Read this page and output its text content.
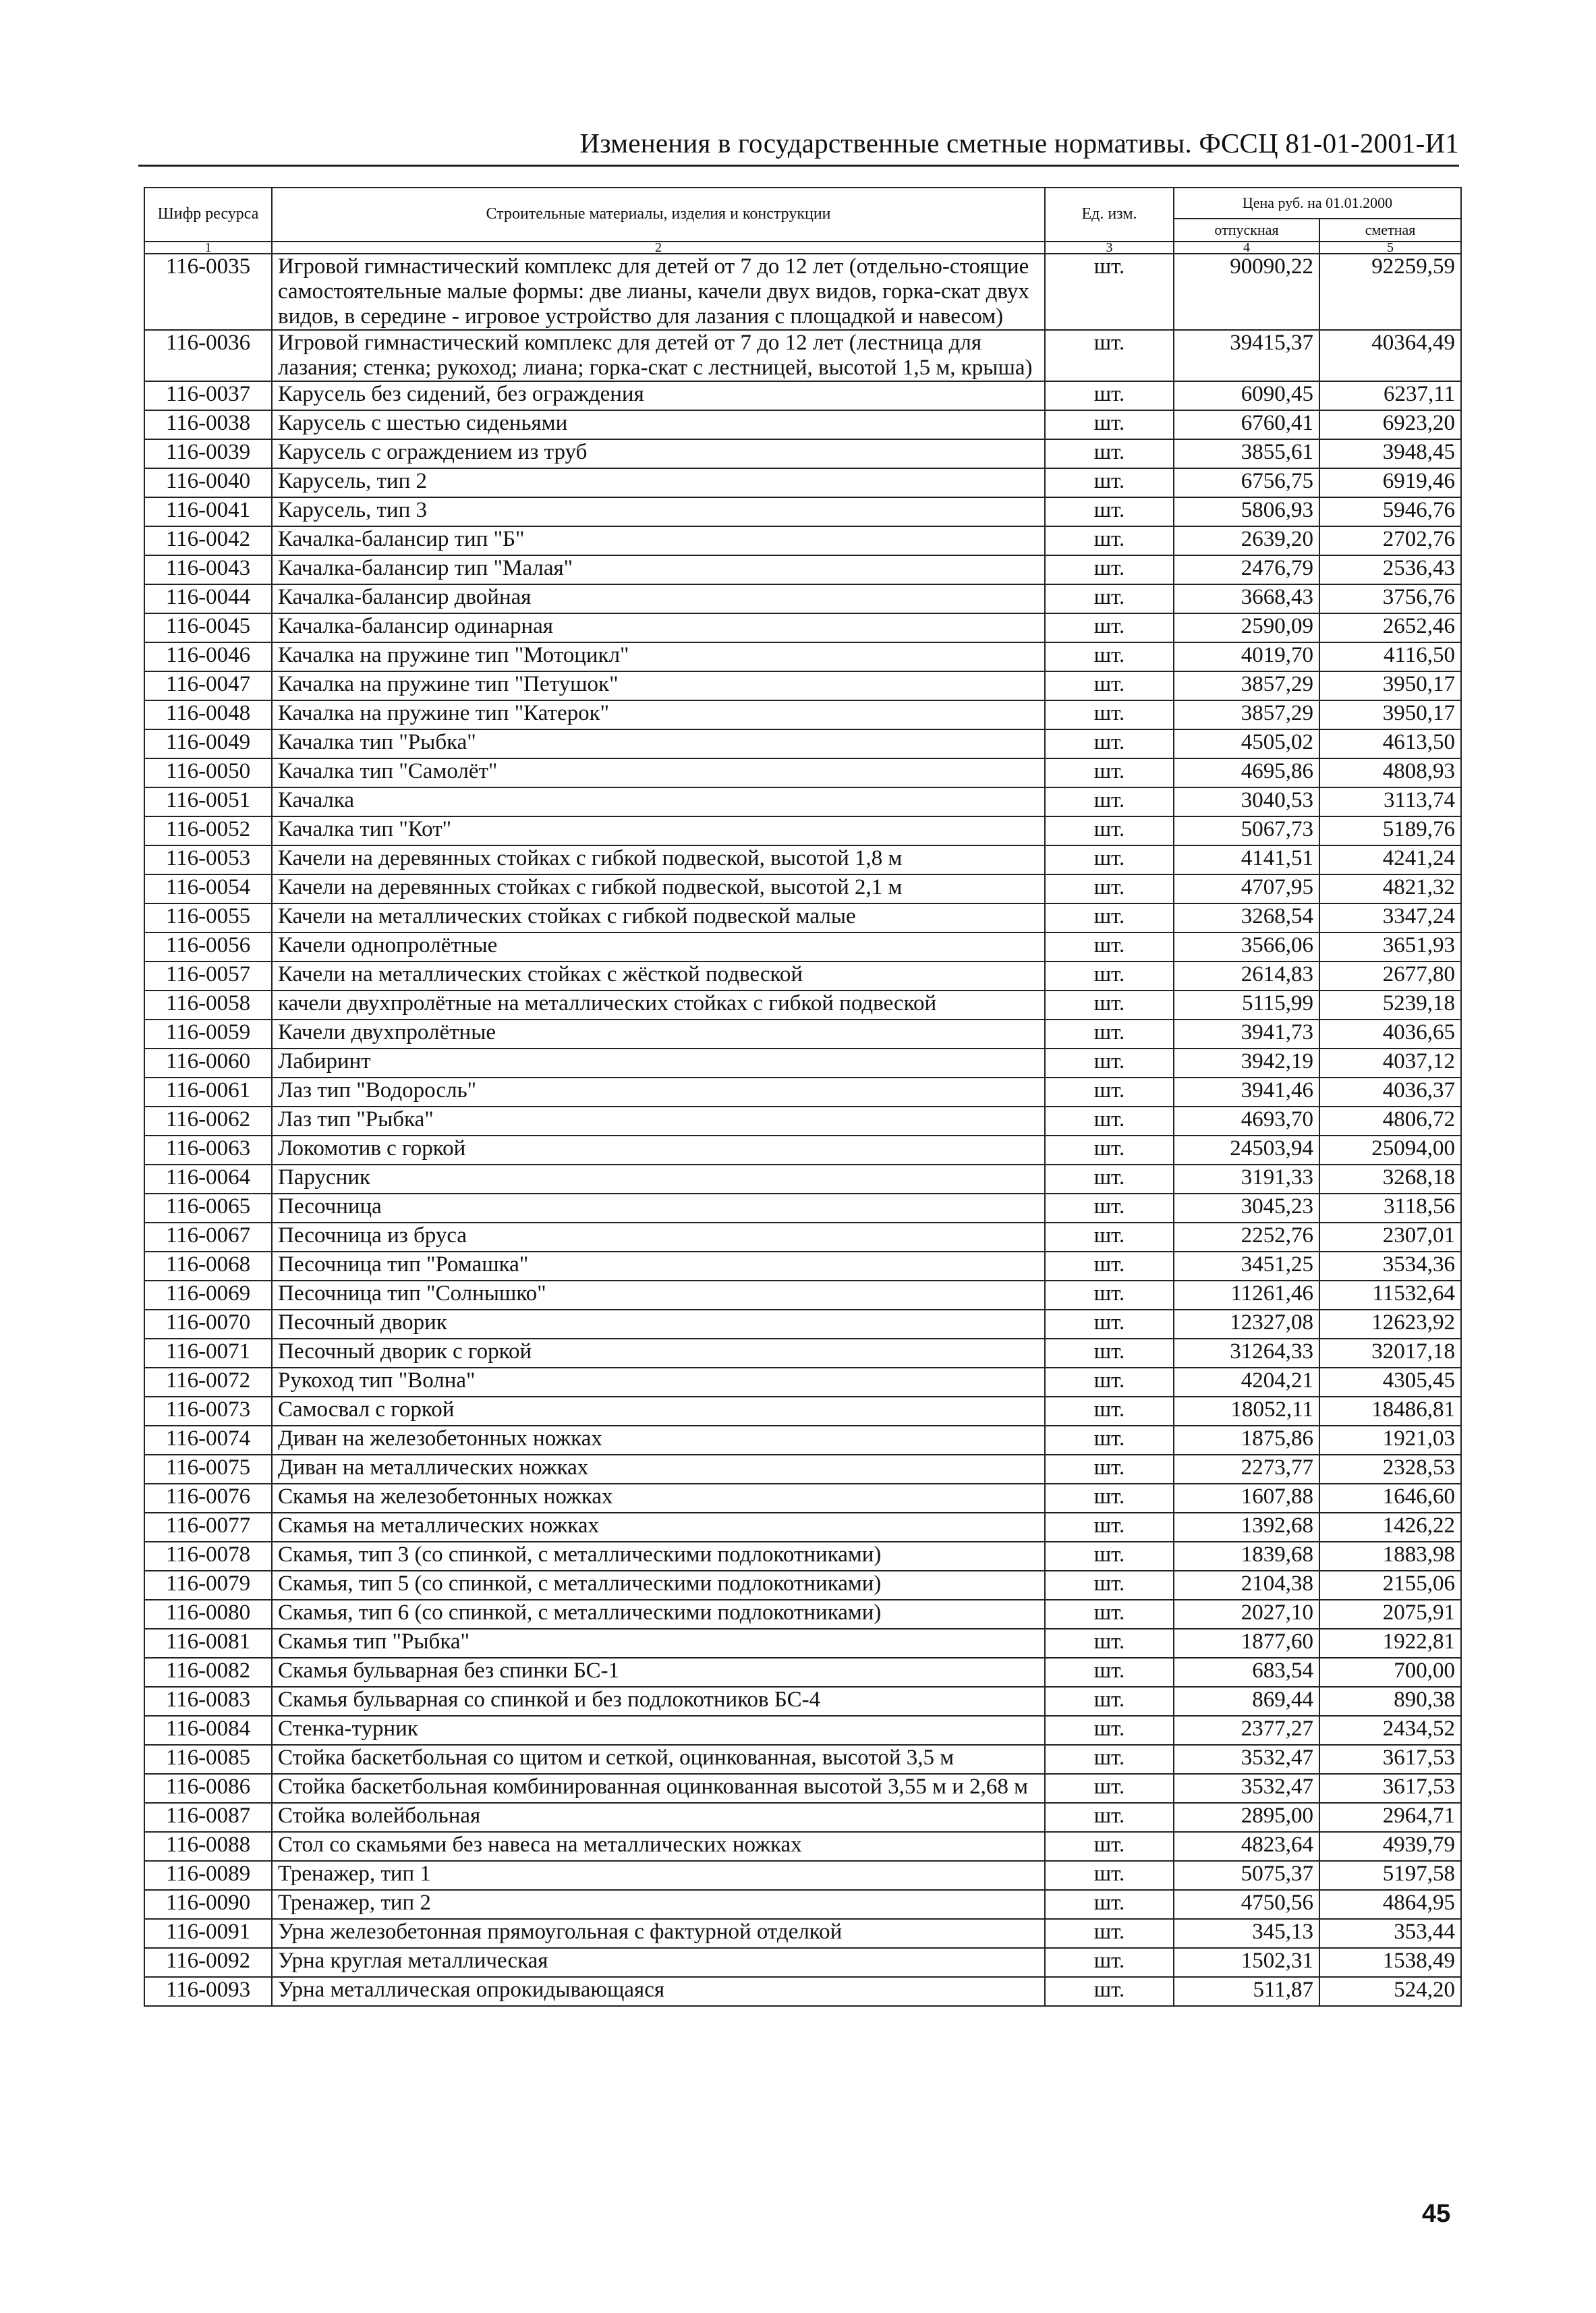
Изменения в государственные сметные нормативы. ФССЦ 81-01-2001-И1
Шифр ресурса	Строительные материалы, изделия и конструкции	Ед. изм.	Цена руб. на 01.01.2000	
			отпускная	сметная
1	2	3	4	5
116-0035	Игровой гимнастический комплекс для детей от 7 до 12 лет (отдельно-стоящие самостоятельные малые формы: две лианы, качели двух видов, горка-скат двух видов, в середине - игровое устройство для лазания с площадкой и навесом)	шт.	90090,22	92259,59
116-0036	Игровой гимнастический комплекс для детей от 7 до 12 лет (лестница для лазания; стенка; рукоход; лиана; горка-скат с лестницей, высотой 1,5 м, крыша)	шт.	39415,37	40364,49
116-0037	Карусель без сидений, без ограждения	шт.	6090,45	6237,11
116-0038	Карусель с шестью сиденьями	шт.	6760,41	6923,20
116-0039	Карусель с ограждением из труб	шт.	3855,61	3948,45
116-0040	Карусель, тип 2	шт.	6756,75	6919,46
116-0041	Карусель, тип 3	шт.	5806,93	5946,76
116-0042	Качалка-балансир тип "Б"	шт.	2639,20	2702,76
116-0043	Качалка-балансир тип "Малая"	шт.	2476,79	2536,43
116-0044	Качалка-балансир двойная	шт.	3668,43	3756,76
116-0045	Качалка-балансир одинарная	шт.	2590,09	2652,46
116-0046	Качалка на пружине тип "Мотоцикл"	шт.	4019,70	4116,50
116-0047	Качалка на пружине тип "Петушок"	шт.	3857,29	3950,17
116-0048	Качалка на пружине тип "Катерок"	шт.	3857,29	3950,17
116-0049	Качалка тип "Рыбка"	шт.	4505,02	4613,50
116-0050	Качалка тип "Самолёт"	шт.	4695,86	4808,93
116-0051	Качалка	шт.	3040,53	3113,74
116-0052	Качалка тип "Кот"	шт.	5067,73	5189,76
116-0053	Качели на деревянных стойках с гибкой подвеской, высотой 1,8 м	шт.	4141,51	4241,24
116-0054	Качели на деревянных стойках с гибкой подвеской, высотой 2,1 м	шт.	4707,95	4821,32
116-0055	Качели на металлических стойках с гибкой подвеской малые	шт.	3268,54	3347,24
116-0056	Качели однопролётные	шт.	3566,06	3651,93
116-0057	Качели на металлических стойках с жёсткой подвеской	шт.	2614,83	2677,80
116-0058	качели двухпролётные на металлических стойках с гибкой подвеской	шт.	5115,99	5239,18
116-0059	Качели двухпролётные	шт.	3941,73	4036,65
116-0060	Лабиринт	шт.	3942,19	4037,12
116-0061	Лаз тип "Водоросль"	шт.	3941,46	4036,37
116-0062	Лаз тип "Рыбка"	шт.	4693,70	4806,72
116-0063	Локомотив с горкой	шт.	24503,94	25094,00
116-0064	Парусник	шт.	3191,33	3268,18
116-0065	Песочница	шт.	3045,23	3118,56
116-0067	Песочница из бруса	шт.	2252,76	2307,01
116-0068	Песочница тип "Ромашка"	шт.	3451,25	3534,36
116-0069	Песочница тип "Солнышко"	шт.	11261,46	11532,64
116-0070	Песочный дворик	шт.	12327,08	12623,92
116-0071	Песочный дворик с горкой	шт.	31264,33	32017,18
116-0072	Рукоход тип "Волна"	шт.	4204,21	4305,45
116-0073	Самосвал с горкой	шт.	18052,11	18486,81
116-0074	Диван на железобетонных ножках	шт.	1875,86	1921,03
116-0075	Диван на металлических ножках	шт.	2273,77	2328,53
116-0076	Скамья на железобетонных ножках	шт.	1607,88	1646,60
116-0077	Скамья на металлических ножках	шт.	1392,68	1426,22
116-0078	Скамья, тип 3 (со спинкой, с металлическими подлокотниками)	шт.	1839,68	1883,98
116-0079	Скамья, тип 5 (со спинкой, с металлическими подлокотниками)	шт.	2104,38	2155,06
116-0080	Скамья, тип 6 (со спинкой, с металлическими подлокотниками)	шт.	2027,10	2075,91
116-0081	Скамья тип "Рыбка"	шт.	1877,60	1922,81
116-0082	Скамья бульварная без спинки БС-1	шт.	683,54	700,00
116-0083	Скамья бульварная со спинкой и без подлокотников БС-4	шт.	869,44	890,38
116-0084	Стенка-турник	шт.	2377,27	2434,52
116-0085	Стойка баскетбольная со щитом и сеткой, оцинкованная, высотой 3,5 м	шт.	3532,47	3617,53
116-0086	Стойка баскетбольная комбинированная оцинкованная высотой 3,55 м и 2,68 м	шт.	3532,47	3617,53
116-0087	Стойка волейбольная	шт.	2895,00	2964,71
116-0088	Стол со скамьями без навеса на металлических ножках	шт.	4823,64	4939,79
116-0089	Тренажер, тип 1	шт.	5075,37	5197,58
116-0090	Тренажер, тип 2	шт.	4750,56	4864,95
116-0091	Урна железобетонная прямоугольная с фактурной отделкой	шт.	345,13	353,44
116-0092	Урна круглая металлическая	шт.	1502,31	1538,49
116-0093	Урна металлическая опрокидывающаяся	шт.	511,87	524,20
45
